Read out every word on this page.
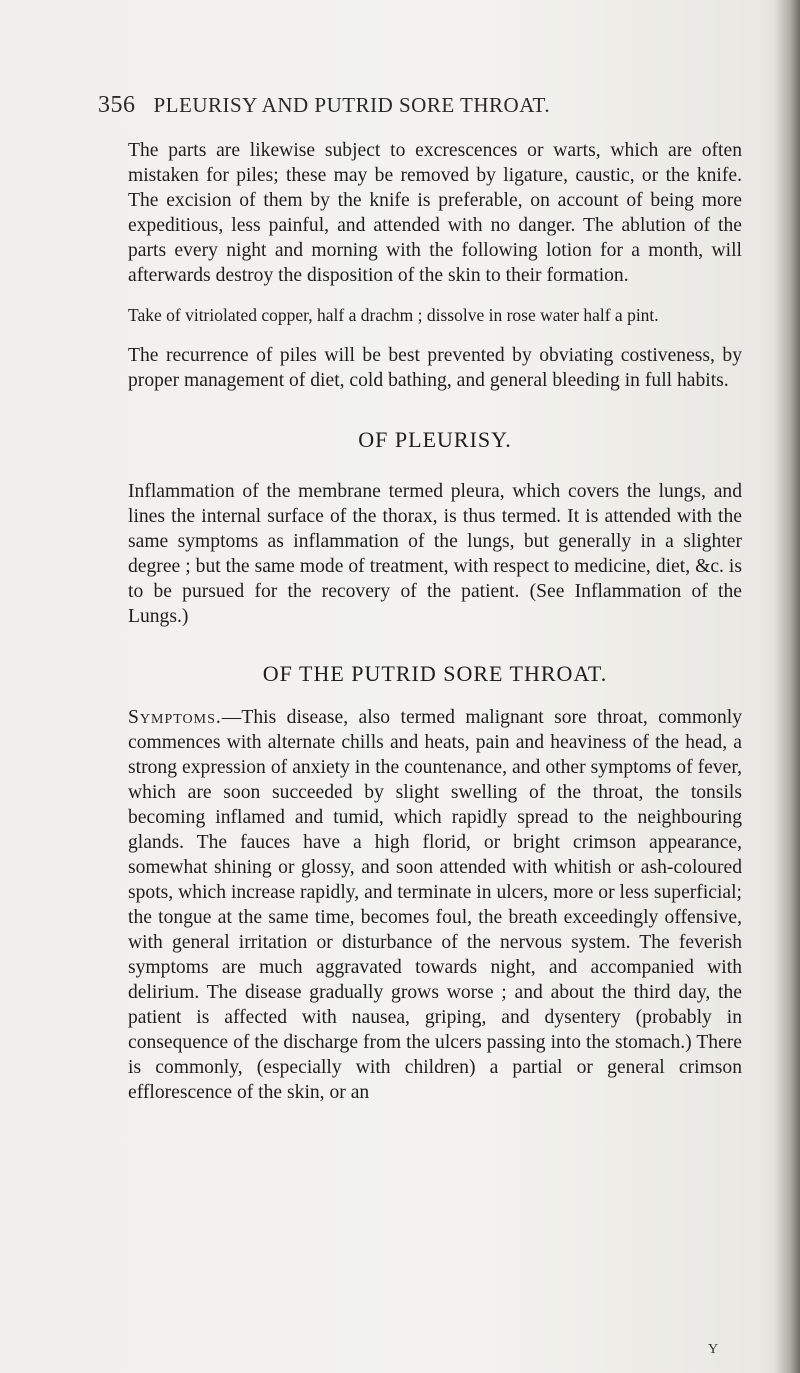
356 PLEURISY AND PUTRID SORE THROAT.

The parts are likewise subject to excrescences or warts, which are often mistaken for piles; these may be removed by ligature, caustic, or the knife. The excision of them by the knife is preferable, on account of being more expeditious, less painful, and attended with no danger. The ablution of the parts every night and morning with the following lotion for a month, will afterwards destroy the disposition of the skin to their formation.

Take of vitriolated copper, half a drachm ; dissolve in rose water half a pint.

The recurrence of piles will be best prevented by obviating costiveness, by proper management of diet, cold bathing, and general bleeding in full habits.

OF PLEURISY.

Inflammation of the membrane termed pleura, which covers the lungs, and lines the internal surface of the thorax, is thus termed. It is attended with the same symptoms as inflammation of the lungs, but generally in a slighter degree ; but the same mode of treatment, with respect to medicine, diet, &c. is to be pursued for the recovery of the patient. (See Inflammation of the Lungs.)

OF THE PUTRID SORE THROAT.

Symptoms.—This disease, also termed malignant sore throat, commonly commences with alternate chills and heats, pain and heaviness of the head, a strong expression of anxiety in the countenance, and other symptoms of fever, which are soon succeeded by slight swelling of the throat, the tonsils becoming inflamed and tumid, which rapidly spread to the neighbouring glands. The fauces have a high florid, or bright crimson appearance, somewhat shining or glossy, and soon attended with whitish or ash-coloured spots, which increase rapidly, and terminate in ulcers, more or less superficial; the tongue at the same time, becomes foul, the breath exceedingly offensive, with general irritation or disturbance of the nervous system. The feverish symptoms are much aggravated towards night, and accompanied with delirium. The disease gradually grows worse ; and about the third day, the patient is affected with nausea, griping, and dysentery (probably in consequence of the discharge from the ulcers passing into the stomach.) There is commonly, (especially with children) a partial or general crimson efflorescence of the skin, or an

Y
